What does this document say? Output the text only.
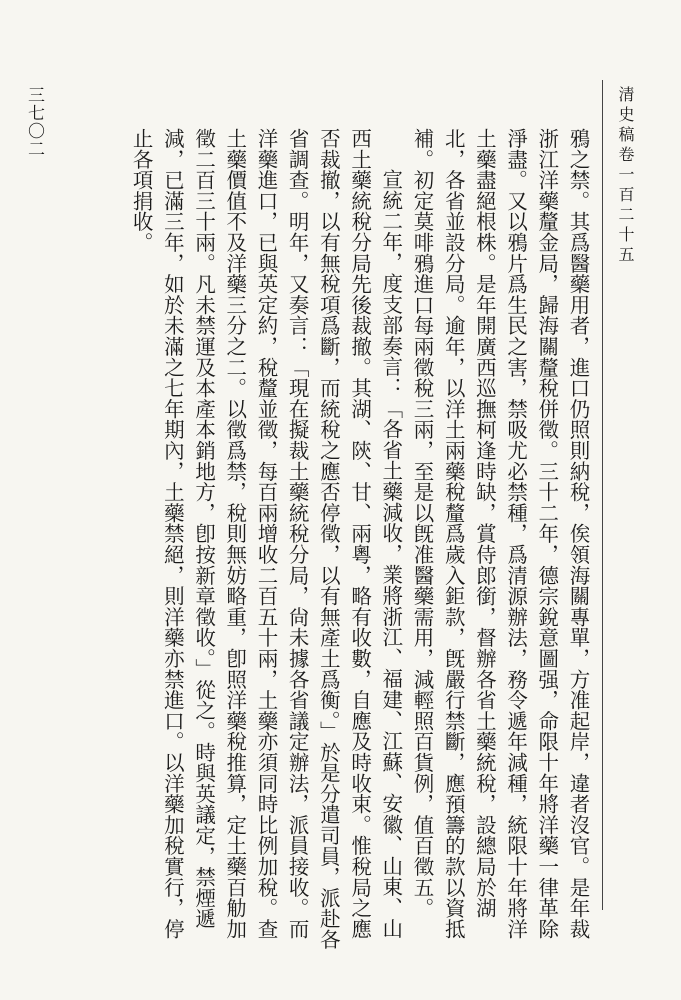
三七〇二	清史稿卷一百二十五

鴉之禁。其爲醫藥用者，進口仍照則納稅，俟領海關專單，方准起岸，違者沒官。是年裁浙江洋藥釐金局，歸海關釐稅併徵。三十二年，德宗銳意圖强，命限十年將洋藥一律革除淨盡。又以鴉片爲生民之害，禁吸尤必禁種，爲清源辦法，務令遞年減種，統限十年將洋土藥盡絕根株。是年開廣西巡撫柯逢時缺，賞侍郎銜，督辦各省土藥統稅，設總局於湖北，各省並設分局。逾年，以洋土兩藥稅釐爲歲入鉅款，旣嚴行禁斷，應預籌的款以資抵補。初定莫啡鴉進口每兩徵稅三兩，至是以旣准醫藥需用，減輕照百貨例，值百徵五。

宣統二年，度支部奏言：「各省土藥減收，業將浙江、福建、江蘇、安徽、山東、山西土藥統稅分局先後裁撤。其湖、陝、甘、兩粵，略有收數，自應及時收束。惟稅局之應否裁撤，以有無稅項爲斷，而統稅之應否停徵，以有無產土爲衡。」於是分遣司員，派赴各省調查。明年，又奏言：「現在擬裁土藥統稅分局，尙未據各省議定辦法，派員接收。而洋藥進口，已與英定約，稅釐並徵，每百兩增收二百五十兩，土藥亦須同時比例加稅。查土藥價值不及洋藥三分之二。以徵爲禁，稅則無妨略重，卽照洋藥稅推算，定土藥百觔加徵二百三十兩。凡未禁運及本產本銷地方，卽按新章徵收。」從之。時與英議定，禁煙遞減，已滿三年，如於未滿之七年期內，土藥禁絕，則洋藥亦禁進口。以洋藥加稅實行，停止各項捐收。
